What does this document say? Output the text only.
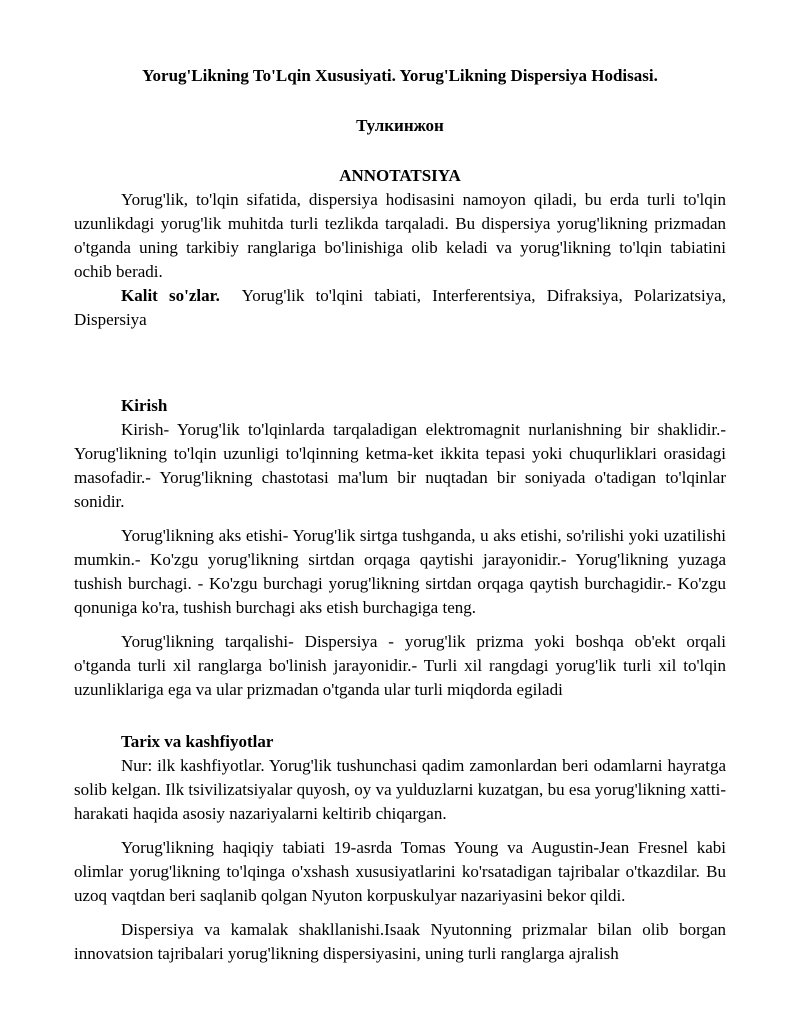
Yorug'Likning To'Lqin Xususiyati. Yorug'Likning Dispersiya Hodisasi.
Тулкинжон
ANNOTATSIYA

Yorug'lik, to'lqin sifatida, dispersiya hodisasini namoyon qiladi, bu erda turli to'lqin uzunlikdagi yorug'lik muhitda turli tezlikda tarqaladi. Bu dispersiya yorug'likning prizmadan o'tganda uning tarkibiy ranglariga bo'linishiga olib keladi va yorug'likning to'lqin tabiatini ochib beradi.

Kalit so'zlar. Yorug'lik to'lqini tabiati, Interferentsiya, Difraksiya, Polarizatsiya, Dispersiya

Kirish

Kirish- Yorug'lik to'lqinlarda tarqaladigan elektromagnit nurlanishning bir shaklidir.- Yorug'likning to'lqin uzunligi to'lqinning ketma-ket ikkita tepasi yoki chuqurliklari orasidagi masofadir.- Yorug'likning chastotasi ma'lum bir nuqtadan bir soniyada o'tadigan to'lqinlar sonidir.

Yorug'likning aks etishi- Yorug'lik sirtga tushganda, u aks etishi, so'rilishi yoki uzatilishi mumkin.- Ko'zgu yorug'likning sirtdan orqaga qaytishi jarayonidir.- Yorug'likning yuzaga tushish burchagi. - Ko'zgu burchagi yorug'likning sirtdan orqaga qaytish burchagidir.- Ko'zgu qonuniga ko'ra, tushish burchagi aks etish burchagiga teng.

Yorug'likning tarqalishi- Dispersiya - yorug'lik prizma yoki boshqa ob'ekt orqali o'tganda turli xil ranglarga bo'linish jarayonidir.- Turli xil rangdagi yorug'lik turli xil to'lqin uzunliklariga ega va ular prizmadan o'tganda ular turli miqdorda egiladi

Tarix va kashfiyotlar

Nur: ilk kashfiyotlar. Yorug'lik tushunchasi qadim zamonlardan beri odamlarni hayratga solib kelgan. Ilk tsivilizatsiyalar quyosh, oy va yulduzlarni kuzatgan, bu esa yorug'likning xatti-harakati haqida asosiy nazariyalarni keltirib chiqargan.

Yorug'likning haqiqiy tabiati 19-asrda Tomas Young va Augustin-Jean Fresnel kabi olimlar yorug'likning to'lqinga o'xshash xususiyatlarini ko'rsatadigan tajribalar o'tkazdilar. Bu uzoq vaqtdan beri saqlanib qolgan Nyuton korpuskulyar nazariyasini bekor qildi.

Dispersiya va kamalak shakllanishi.Isaak Nyutonning prizmalar bilan olib borgan innovatsion tajribalari yorug'likning dispersiyasini, uning turli ranglarga ajralish
